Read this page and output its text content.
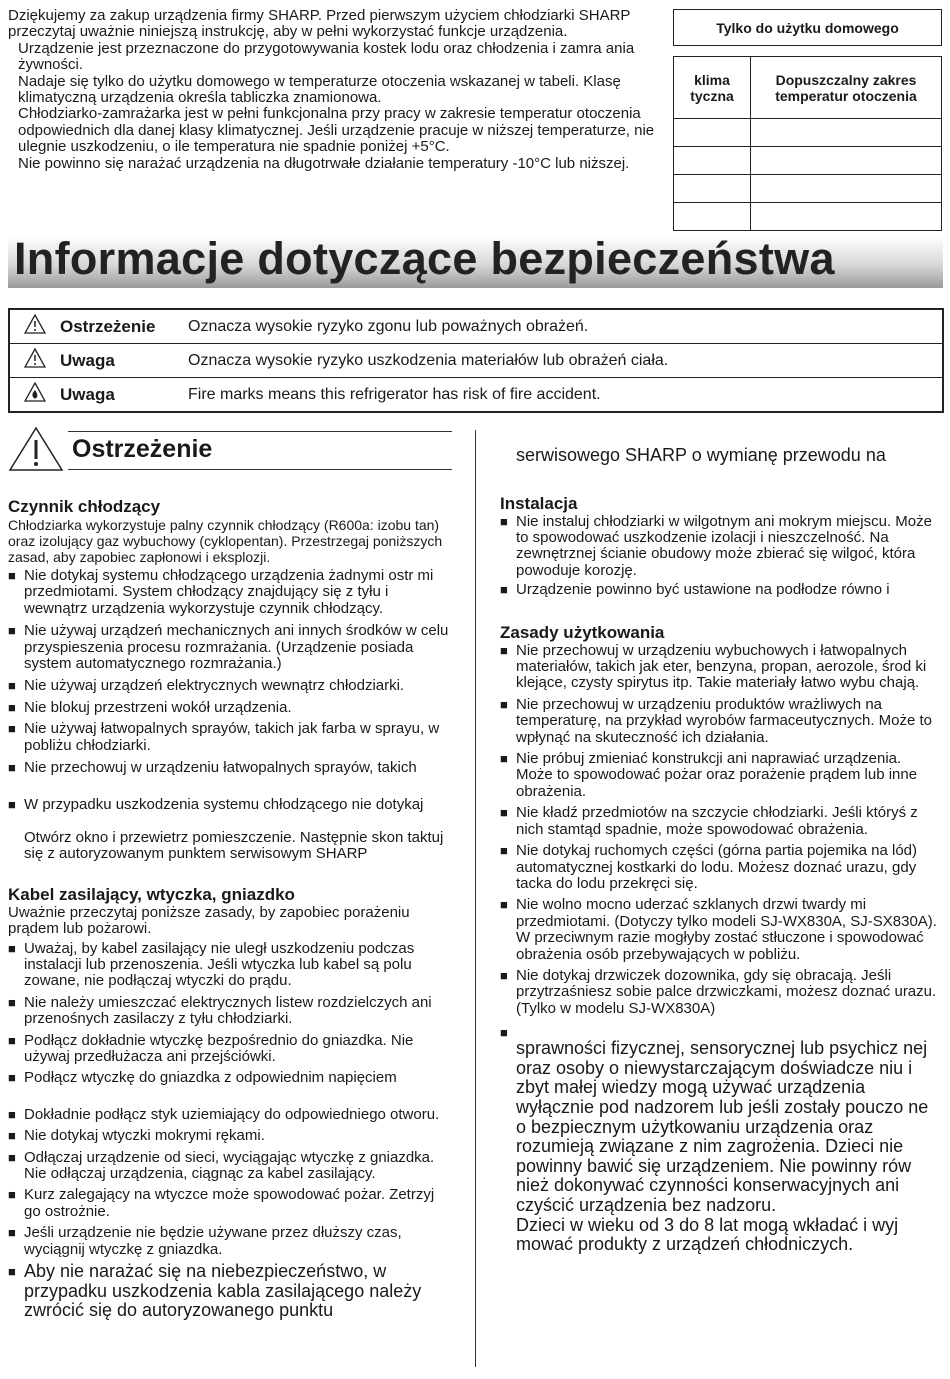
Dziękujemy za zakup urządzenia firmy SHARP. Przed pierwszym użyciem chłodziarki SHARP przeczytaj uważnie niniejszą instrukcję, aby w pełni wykorzystać funkcje urządzenia.

Urządzenie jest przeznaczone do przygotowywania kostek lodu oraz chłodzenia i zamra ania żywności.

Nadaje się tylko do użytku domowego w temperaturze otoczenia wskazanej w tabeli. Klasę klimatyczną urządzenia określa tabliczka znamionowa.

Chłodziarko-zamrażarka jest w pełni funkcjonalna przy pracy w zakresie temperatur otoczenia odpowiednich dla danej klasy klimatycznej. Jeśli urządzenie pracuje w niższej temperaturze, nie ulegnie uszkodzeniu, o ile temperatura nie spadnie poniżej +5°C.

Nie powinno się narażać urządzenia na długotrwałe działanie temperatury -10°C lub niższej.

Tylko do użytku domowego	

klima tyczna	Dopuszczalny zakres temperatur otoczenia

Informacje dotyczące bezpieczeństwa
Ostrzeżenie	Oznacza wysokie ryzyko zgonu lub poważnych obrażeń.
Uwaga	Oznacza wysokie ryzyko uszkodzenia materiałów lub obrażeń ciała.
Uwaga	Fire marks means this refrigerator has risk of fire accident.
Ostrzeżenie
Czynnik chłodzący

Chłodziarka wykorzystuje palny czynnik chłodzący (R600a: izobu tan) oraz izolujący gaz wybuchowy (cyklopentan). Przestrzegaj poniższych zasad, aby zapobiec zapłonowi i eksplozji.

■ Nie dotykaj systemu chłodzącego urządzenia żadnymi ostr mi przedmiotami. System chłodzący znajdujący się z tyłu i wewnątrz urządzenia wykorzystuje czynnik chłodzący.

■ Nie używaj urządzeń mechanicznych ani innych środków w celu przyspieszenia procesu rozmrażania. (Urządzenie posiada system automatycznego rozmrażania.)

■ Nie używaj urządzeń elektrycznych wewnątrz chłodziarki.

■ Nie blokuj przestrzeni wokół urządzenia.

■ Nie używaj łatwopalnych sprayów, takich jak farba w sprayu, w pobliżu chłodziarki.

■ Nie przechowuj w urządzeniu łatwopalnych sprayów, takich

■ W przypadku uszkodzenia systemu chłodzącego nie dotykaj

Otwórz okno i przewietrz pomieszczenie. Następnie skon taktuj się z autoryzowanym punktem serwisowym SHARP

Kabel zasilający, wtyczka, gniazdko

Uważnie przeczytaj poniższe zasady, by zapobiec porażeniu prądem lub pożarowi.

■ Uważaj, by kabel zasilający nie uległ uszkodzeniu podczas instalacji lub przenoszenia. Jeśli wtyczka lub kabel są polu zowane, nie podłączaj wtyczki do prądu.

■ Nie należy umieszczać elektrycznych listew rozdzielczych ani przenośnych zasilaczy z tyłu chłodziarki.

■ Podłącz dokładnie wtyczkę bezpośrednio do gniazdka. Nie używaj przedłużacza ani przejściówki.

■ Podłącz wtyczkę do gniazdka z odpowiednim napięciem

■ Dokładnie podłącz styk uziemiający do odpowiedniego otworu.

■ Nie dotykaj wtyczki mokrymi rękami.

■ Odłączaj urządzenie od sieci, wyciągając wtyczkę z gniazdka. Nie odłączaj urządzenia, ciągnąc za kabel zasilający.

■ Kurz zalegający na wtyczce może spowodować pożar. Zetrzyj go ostrożnie.

■ Jeśli urządzenie nie będzie używane przez dłuższy czas, wyciągnij wtyczkę z gniazdka.

■ Aby nie narażać się na niebezpieczeństwo, w przypadku uszkodzenia kabla zasilającego należy zwrócić się do autoryzowanego punktu

serwisowego SHARP o wymianę przewodu na

Instalacja

■ Nie instaluj chłodziarki w wilgotnym ani mokrym miejscu. Może to spowodować uszkodzenie izolacji i nieszczelność. Na zewnętrznej ścianie obudowy może zbierać się wilgoć, która powoduje korozję.

■ Urządzenie powinno być ustawione na podłodze równo i

Zasady użytkowania

■ Nie przechowuj w urządzeniu wybuchowych i łatwopalnych materiałów, takich jak eter, benzyna, propan, aerozole, środ ki klejące, czysty spirytus itp. Takie materiały łatwo wybu chają.

■ Nie przechowuj w urządzeniu produktów wrażliwych na temperaturę, na przykład wyrobów farmaceutycznych. Może to wpłynąć na skuteczność ich działania.

■ Nie próbuj zmieniać konstrukcji ani naprawiać urządzenia. Może to spowodować pożar oraz porażenie prądem lub inne obrażenia.

■ Nie kładź przedmiotów na szczycie chłodziarki. Jeśli któryś z nich stamtąd spadnie, może spowodować obrażenia.

■ Nie dotykaj ruchomych części (górna partia pojemika na lód) automatycznej kostkarki do lodu. Możesz doznać urazu, gdy tacka do lodu przekręci się.

■ Nie wolno mocno uderzać szklanych drzwi twardy mi przedmiotami. (Dotyczy tylko modeli SJ-WX830A, SJ-SX830A). W przeciwnym razie mogłyby zostać stłuczone i spowodować obrażenia osób przebywających w pobliżu.

■ Nie dotykaj drzwiczek dozownika, gdy się obracają. Jeśli przytrzaśniesz sobie palce drzwiczkami, możesz doznać urazu. (Tylko w modelu SJ-WX830A)

■

sprawności fizycznej, sensorycznej lub psychicz nej oraz osoby o niewystarczającym doświadcze niu i zbyt małej wiedzy mogą używać urządzenia wyłącznie pod nadzorem lub jeśli zostały pouczo ne o bezpiecznym użytkowaniu urządzenia oraz rozumieją związane z nim zagrożenia. Dzieci nie powinny bawić się urządzeniem. Nie powinny rów nież dokonywać czynności konserwacyjnych ani czyścić urządzenia bez nadzoru.

Dzieci w wieku od 3 do 8 lat mogą wkładać i wyj mować produkty z urządzeń chłodniczych.
